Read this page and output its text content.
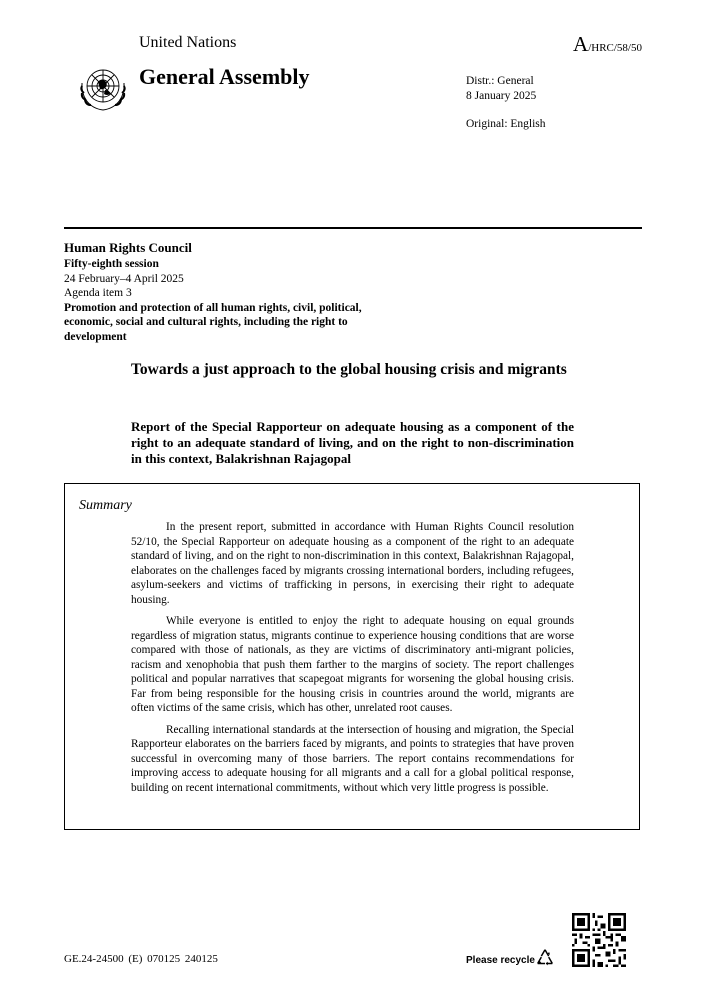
United Nations	A/HRC/58/50
General Assembly	Distr.: General
8 January 2025
Original: English
Human Rights Council
Fifty-eighth session
24 February–4 April 2025
Agenda item 3
Promotion and protection of all human rights, civil, political, economic, social and cultural rights, including the right to development
Towards a just approach to the global housing crisis and migrants
Report of the Special Rapporteur on adequate housing as a component of the right to an adequate standard of living, and on the right to non-discrimination in this context, Balakrishnan Rajagopal
Summary

In the present report, submitted in accordance with Human Rights Council resolution 52/10, the Special Rapporteur on adequate housing as a component of the right to an adequate standard of living, and on the right to non-discrimination in this context, Balakrishnan Rajagopal, elaborates on the challenges faced by migrants crossing international borders, including refugees, asylum-seekers and victims of trafficking in persons, in exercising their right to adequate housing.

While everyone is entitled to enjoy the right to adequate housing on equal grounds regardless of migration status, migrants continue to experience housing conditions that are worse compared with those of nationals, as they are victims of discriminatory anti-migrant policies, racism and xenophobia that push them farther to the margins of society. The report challenges political and popular narratives that scapegoat migrants for worsening the global housing crisis. Far from being responsible for the housing crisis in countries around the world, migrants are often victims of the same crisis, which has other, unrelated root causes.

Recalling international standards at the intersection of housing and migration, the Special Rapporteur elaborates on the barriers faced by migrants, and points to strategies that have proven successful in overcoming many of those barriers. The report contains recommendations for improving access to adequate housing for all migrants and a call for a global political response, building on recent international commitments, without which very little progress is possible.

GE.24-24500 (E) 070125 240125	Please recycle
